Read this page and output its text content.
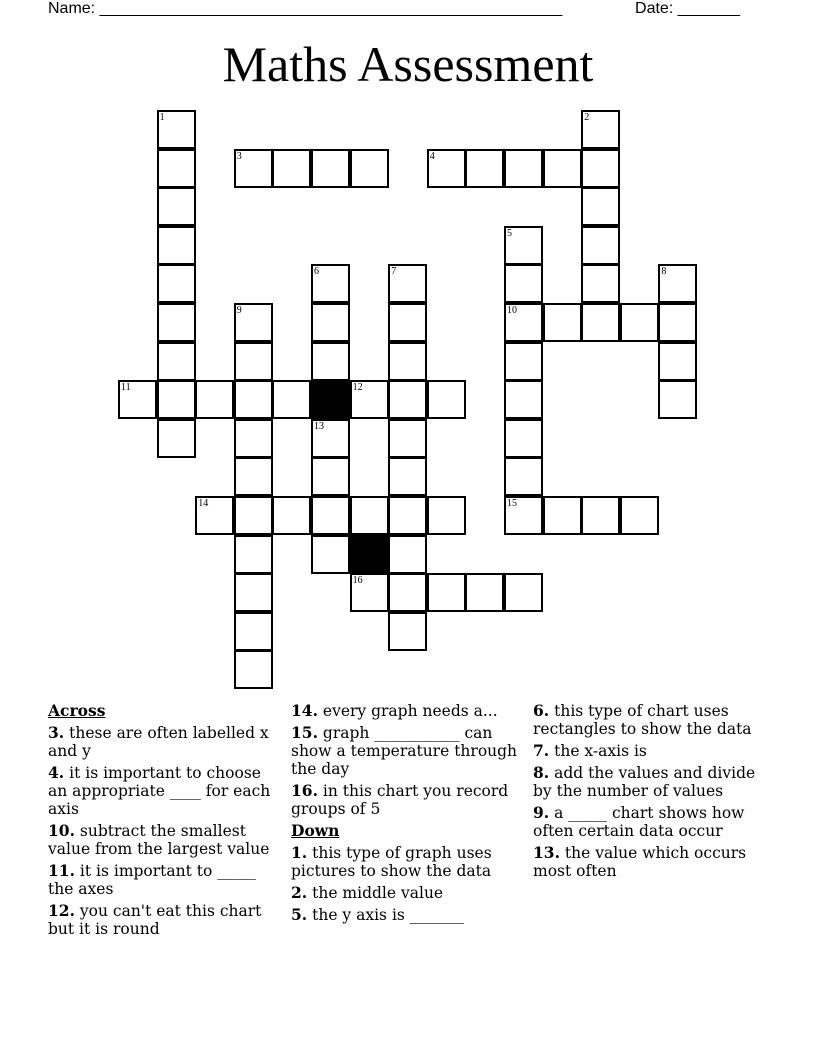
Name: ____________________________________________________	Date: _______
Maths Assessment
1	2
3	4
5
6	7	8
9	10
11	12
13
14	15
16
Across
3. these are often labelled x and y
4. it is important to choose an appropriate ____ for each axis
10. subtract the smallest value from the largest value
11. it is important to _____ the axes
12. you can't eat this chart but it is round
14. every graph needs a...
15. graph ___________ can show a temperature through the day
16. in this chart you record groups of 5
Down
1. this type of graph uses pictures to show the data
2. the middle value
5. the y axis is _______
6. this type of chart uses rectangles to show the data
7. the x-axis is
8. add the values and divide by the number of values
9. a _____ chart shows how often certain data occur
13. the value which occurs most often
